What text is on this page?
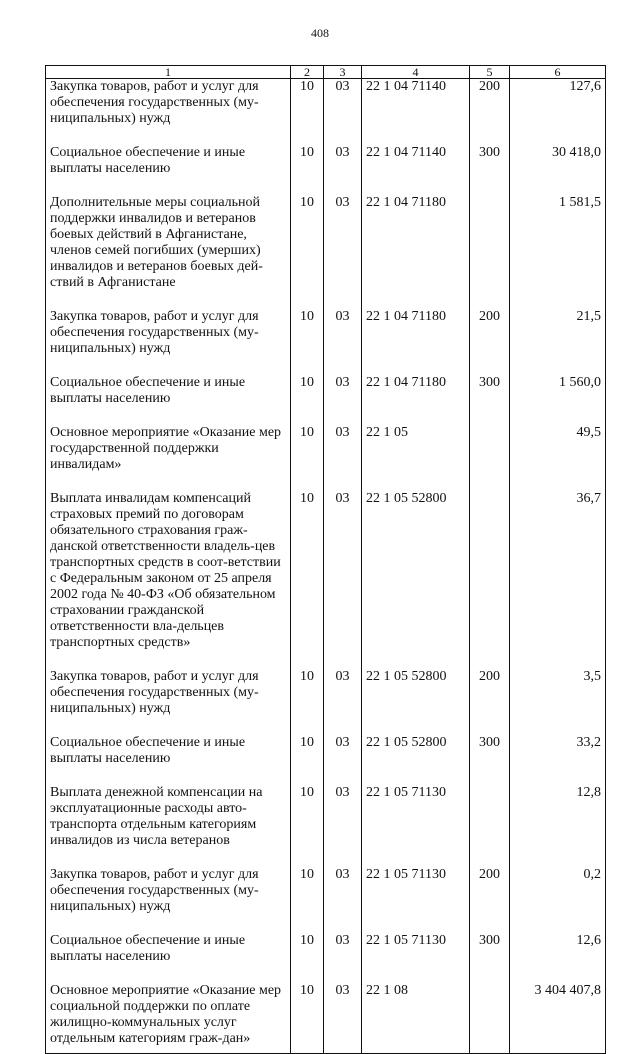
408
1	2	3	4	5	6
Закупка товаров, работ и услуг для обеспечения государственных (му-ниципальных) нужд	10	03	22 1 04 71140	200	127,6
Социальное обеспечение и иные выплаты населению	10	03	22 1 04 71140	300	30 418,0
Дополнительные меры социальной поддержки инвалидов и ветеранов боевых действий в Афганистане, членов семей погибших (умерших) инвалидов и ветеранов боевых дей-ствий в Афганистане	10	03	22 1 04 71180		1 581,5
Закупка товаров, работ и услуг для обеспечения государственных (му-ниципальных) нужд	10	03	22 1 04 71180	200	21,5
Социальное обеспечение и иные выплаты населению	10	03	22 1 04 71180	300	1 560,0
Основное мероприятие «Оказание мер государственной поддержки инвалидам»	10	03	22 1 05		49,5
Выплата инвалидам компенсаций страховых премий по договорам обязательного страхования граж-данской ответственности владель-цев транспортных средств в соот-ветствии с Федеральным законом от 25 апреля 2002 года № 40-ФЗ «Об обязательном страховании гражданской ответственности вла-дельцев транспортных средств»	10	03	22 1 05 52800		36,7
Закупка товаров, работ и услуг для обеспечения государственных (му-ниципальных) нужд	10	03	22 1 05 52800	200	3,5
Социальное обеспечение и иные выплаты населению	10	03	22 1 05 52800	300	33,2
Выплата денежной компенсации на эксплуатационные расходы авто-транспорта отдельным категориям инвалидов из числа ветеранов	10	03	22 1 05 71130		12,8
Закупка товаров, работ и услуг для обеспечения государственных (му-ниципальных) нужд	10	03	22 1 05 71130	200	0,2
Социальное обеспечение и иные выплаты населению	10	03	22 1 05 71130	300	12,6
Основное мероприятие «Оказание мер социальной поддержки по оплате жилищно-коммунальных услуг отдельным категориям граж-дан»	10	03	22 1 08		3 404 407,8
